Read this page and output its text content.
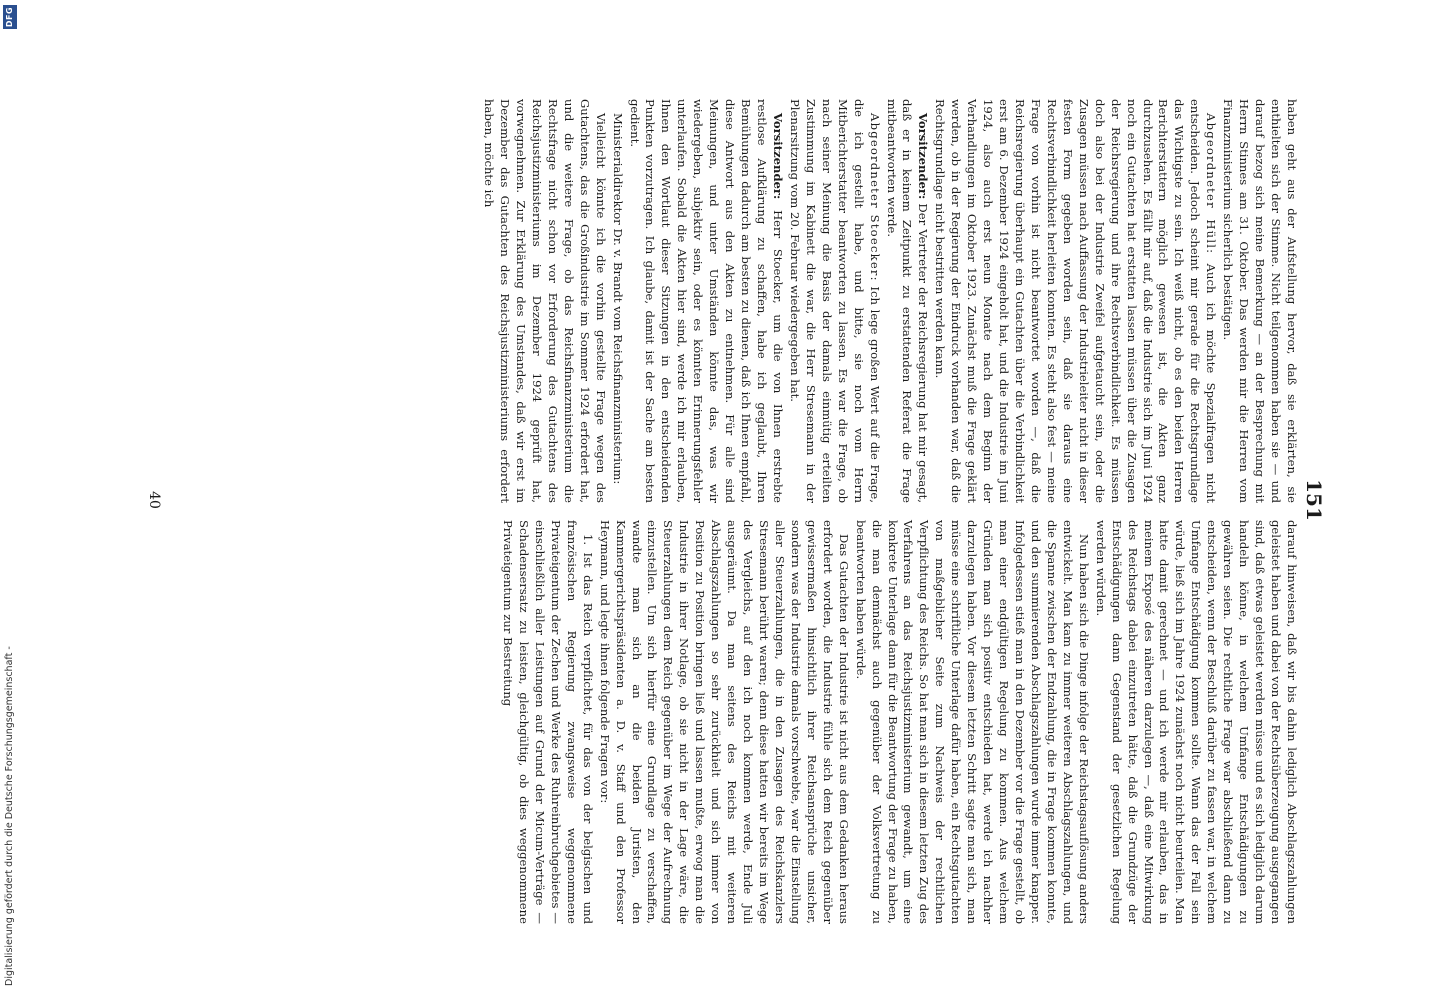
151

haben geht aus der Aufstellung hervor, daß sie erklärten, sie enthielten sich der Stimme. Nicht teilgenommen haben sie — und darauf bezog sich meine Bemerkung — an der Besprechung mit Herrn Stinnes am 31. Oktober. Das werden mir die Herren vom Finanzministerium sicherlich bestätigen.

Abgeordneter Hüll: Auch ich möchte Spezialfragen nicht entscheiden. Jedoch scheint mir gerade für die Rechtsgrundlage das Wichtigste zu sein. Ich weiß nicht, ob es den beiden Herren Berichterstattern möglich gewesen ist, die Akten ganz durchzusehen. Es fällt mir auf, daß die Industrie sich im Juni 1924 noch ein Gutachten hat erstatten lassen müssen über die Zusagen der Reichsregierung und ihre Rechtsverbindlichkeit. Es müssen doch also bei der Industrie Zweifel aufgetaucht sein, oder die Zusagen müssen nach Auffassung der Industrieleiter nicht in dieser festen Form gegeben worden sein, daß sie daraus eine Rechtsverbindlichkeit herleiten konnten. Es steht also fest — meine Frage von vorhin ist nicht beantwortet worden —, daß die Reichsregierung überhaupt ein Gutachten über die Verbindlichkeit erst am 6. Dezember 1924 eingeholt hat, und die Industrie im Juni 1924, also auch erst neun Monate nach dem Beginn der Verhandlungen im Oktober 1923. Zunächst muß die Frage geklärt werden, ob in der Regierung der Eindruck vorhanden war, daß die Rechtsgrundlage nicht bestritten werden kann.

Vorsitzender: Der Vertreter der Reichsregierung hat mir gesagt, daß er in keinem Zeitpunkt zu erstattenden Referat die Frage mitbeantworten werde.

Abgeordneter Stoecker: Ich lege großen Wert auf die Frage, die ich gestellt habe, und bitte, sie noch vom Herrn Mitberichterstatter beantworten zu lassen. Es war die Frage, ob nach seiner Meinung die Basis der damals einmütig erteilten Zustimmung im Kabinett die war, die Herr Stresemann in der Plenarsitzung vom 20. Februar wiedergegeben hat.

Vorsitzender: Herr Stoecker, um die von Ihnen erstrebte restlose Aufklärung zu schaffen, habe ich geglaubt, Ihren Bemühungen dadurch am besten zu dienen, daß ich Ihnen empfahl, diese Antwort aus den Akten zu entnehmen. Für alle sind Meinungen, und unter Umständen könnte das, was wir wiedergeben, subjektiv sein, oder es könnten Erinnerungsfehler unterlaufen. Sobald die Akten hier sind, werde ich mir erlauben, Ihnen den Wortlaut dieser Sitzungen in den entscheidenden Punkten vorzutragen. Ich glaube, damit ist der Sache am besten gedient.

Ministerialdirektor Dr. v. Brandt vom Reichsfinanzministerium:

Vielleicht könnte ich die vorhin gestellte Frage wegen des Gutachtens, das die Großindustrie im Sommer 1924 erfordert hat, und die weitere Frage, ob das Reichsfinanzministerium die Rechtsfrage nicht schon vor Erforderung des Gutachtens des Reichsjustizministeriums im Dezember 1924 geprüft hat, vorwegnehmen. Zur Erklärung des Umstandes, daß wir erst im Dezember das Gutachten des Reichsjustizministeriums erfordert haben, möchte ich

darauf hinweisen, daß wir bis dahin lediglich Abschlagszahlungen geleistet haben und dabei von der Rechtsüberzeugung ausgegangen sind, daß etwas geleistet werden müsse und es sich lediglich darum handeln könne, in welchem Umfange Entschädigungen zu gewähren seien. Die rechtliche Frage war abschließend dann zu entscheiden, wenn der Beschluß darüber zu fassen war, in welchem Umfange Entschädigung kommen sollte. Wann das der Fall sein würde, ließ sich im Jahre 1924 zunächst noch nicht beurteilen. Man hatte damit gerechnet — und ich werde mir erlauben, das in meinem Exposé des näheren darzulegen —, daß eine Mitwirkung des Reichstags dabei einzutreten hätte, daß die Grundzüge der Entschädigungen dann Gegenstand der gesetzlichen Regelung werden würden.

Nun haben sich die Dinge infolge der Reichstagsauflösung anders entwickelt. Man kam zu immer weiteren Abschlagszahlungen, und die Spanne zwischen der Endzahlung, die in Frage kommen konnte, und den summierenden Abschlagszahlungen wurde immer knapper. Infolgedessen stieß man in den Dezember vor die Frage gestellt, ob man einer endgültigen Regelung zu kommen. Aus welchem Gründen man sich positiv entschieden hat, werde ich nachher darzulegen haben. Vor diesem letzten Schritt sagte man sich, man müsse eine schriftliche Unterlage dafür haben, ein Rechtsgutachten von maßgeblicher Seite zum Nachweis der rechtlichen Verpflichtung des Reichs. So hat man sich in diesem letzten Zug des Verfahrens an das Reichsjustizministerium gewandt, um eine konkrete Unterlage dann für die Beantwortung der Frage zu haben, die man demnächst auch gegenüber der Volksvertretung zu beantworten haben würde.

Das Gutachten der Industrie ist nicht aus dem Gedanken heraus erfordert worden, die Industrie fühle sich dem Reich gegenüber gewissermaßen hinsichtlich ihrer Reichsansprüche unsicher, sondern was der Industrie damals vorschwebte, war die Einstellung aller Steuerzahlungen, die in den Zusagen des Reichskanzlers Stresemann berührt waren; denn diese hatten wir bereits im Wege des Vergleichs, auf den ich noch kommen werde, Ende Juli ausgeräumt. Da man seitens des Reichs mit weiteren Abschlagszahlungen so sehr zurückhielt und sich immer von Position zu Position bringen ließ und lassen mußte, erwog man die Industrie in ihrer Notlage, ob sie nicht in der Lage wäre, die Steuerzahlungen dem Reich gegenüber im Wege der Aufrechnung einzustellen. Um sich hierfür eine Grundlage zu verschaffen, wandte man sich an die beiden Juristen, den Kammergerichtspräsidenten a. D. v. Staff und den Professor Heymann, und legte ihnen folgende Fragen vor:

1. Ist das Reich verpflichtet, für das von der belgischen und französischen Regierung zwangsweise weggenommene Privateigentum der Zechen und Werke des Ruhreinbruchgebietes — einschließlich aller Leistungen auf Grund der Micum-Verträge — Schadensersatz zu leisten, gleichgültig, ob dies weggenommene Privateigentum zur Bestreitung
40
Digitalisierung gefördert durch die Deutsche Forschungsgemeinschaft -
DFG
